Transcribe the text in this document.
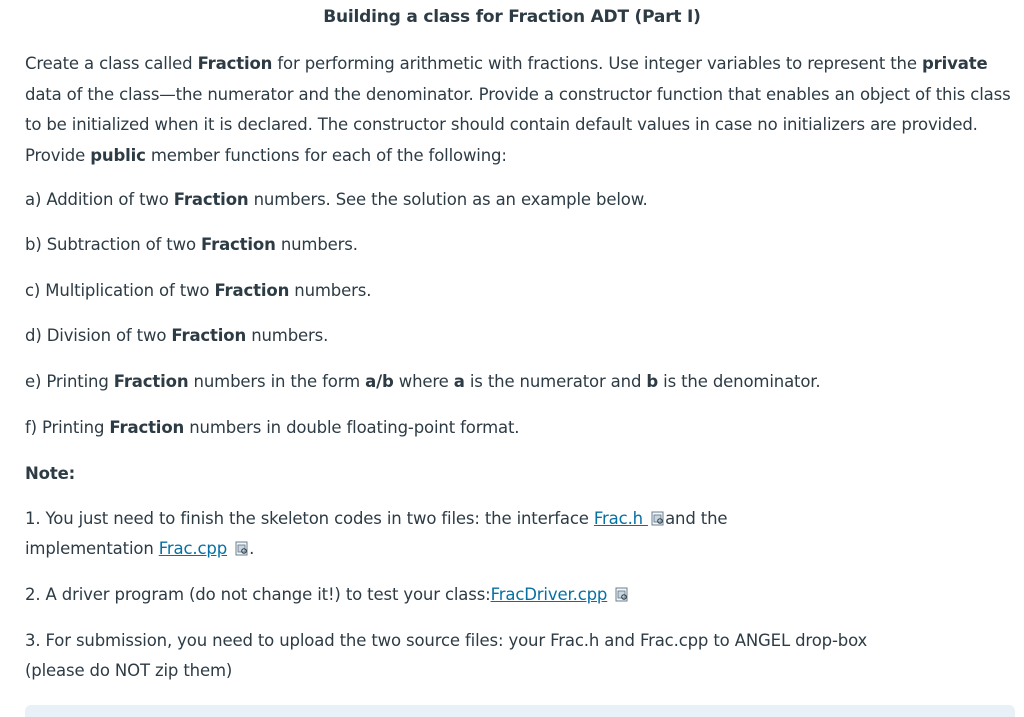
Building a class for Fraction ADT (Part I)
Create a class called Fraction for performing arithmetic with fractions. Use integer variables to represent the private data of the class—the numerator and the denominator. Provide a constructor function that enables an object of this class to be initialized when it is declared. The constructor should contain default values in case no initializers are provided. Provide public member functions for each of the following:
a) Addition of two Fraction numbers. See the solution as an example below.
b) Subtraction of two Fraction numbers.
c) Multiplication of two Fraction numbers.
d) Division of two Fraction numbers.
e) Printing Fraction numbers in the form a/b where a is the numerator and b is the denominator.
f) Printing Fraction numbers in double floating-point format.
Note:
1. You just need to finish the skeleton codes in two files: the interface Frac.h and the
implementation Frac.cpp .
2. A driver program (do not change it!) to test your class:FracDriver.cpp
3. For submission, you need to upload the two source files: your Frac.h and Frac.cpp to ANGEL drop-box
(please do NOT zip them)
